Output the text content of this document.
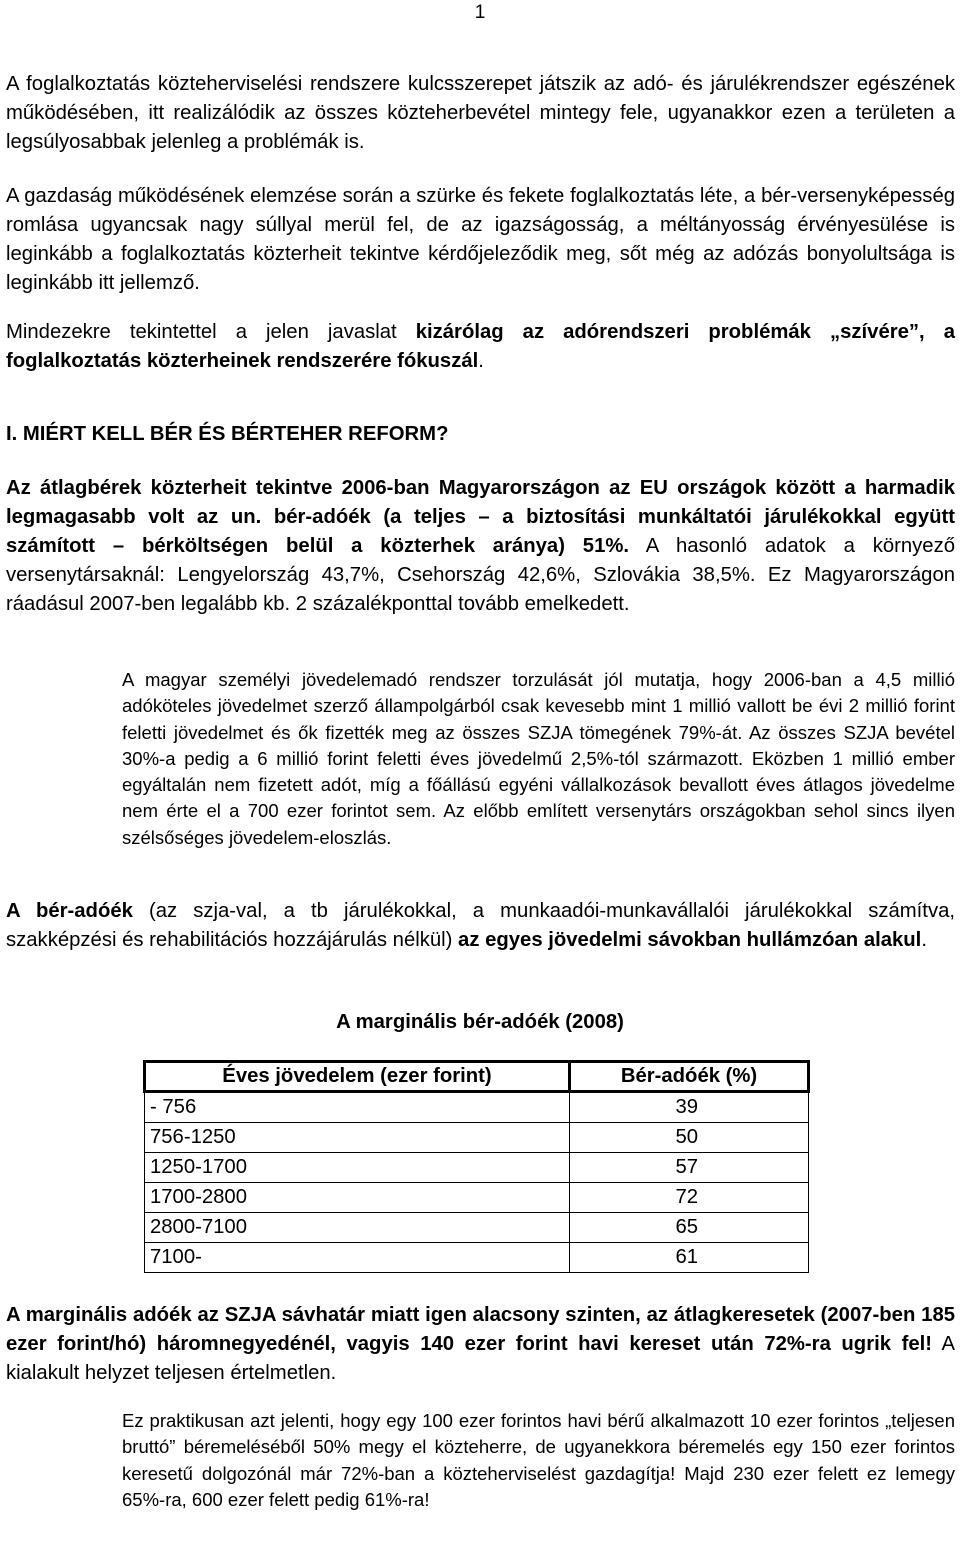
1

A foglalkoztatás közteherviselési rendszere kulcsszerepet játszik az adó- és járulékrendszer egészének működésében, itt realizálódik az összes közteherbevétel mintegy fele, ugyanakkor ezen a területen a legsúlyosabbak jelenleg a problémák is.

A gazdaság működésének elemzése során a szürke és fekete foglalkoztatás léte, a bér-versenyképesség romlása ugyancsak nagy súllyal merül fel, de az igazságosság, a méltányosság érvényesülése is leginkább a foglalkoztatás közterheit tekintve kérdőjeleződik meg, sőt még az adózás bonyolultsága is leginkább itt jellemző.

Mindezekre tekintettel a jelen javaslat kizárólag az adórendszeri problémák „szívére”, a foglalkoztatás közterheinek rendszerére fókuszál.

I. MIÉRT KELL BÉR ÉS BÉRTEHER REFORM?

Az átlagbérek közterheit tekintve 2006-ban Magyarországon az EU országok között a harmadik legmagasabb volt az un. bér-adóék (a teljes – a biztosítási munkáltatói járulékokkal együtt számított – bérköltségen belül a közterhek aránya) 51%. A hasonló adatok a környező versenytársaknál: Lengyelország 43,7%, Csehország 42,6%, Szlovákia 38,5%. Ez Magyarországon ráadásul 2007-ben legalább kb. 2 százalékponttal tovább emelkedett.

A magyar személyi jövedelemadó rendszer torzulását jól mutatja, hogy 2006-ban a 4,5 millió adóköteles jövedelmet szerző állampolgárból csak kevesebb mint 1 millió vallott be évi 2 millió forint feletti jövedelmet és ők fizették meg az összes SZJA tömegének 79%-át. Az összes SZJA bevétel 30%-a pedig a 6 millió forint feletti éves jövedelmű 2,5%-tól származott. Eközben 1 millió ember egyáltalán nem fizetett adót, míg a főállású egyéni vállalkozások bevallott éves átlagos jövedelme nem érte el a 700 ezer forintot sem. Az előbb említett versenytárs országokban sehol sincs ilyen szélsőséges jövedelem-eloszlás.

A bér-adóék (az szja-val, a tb járulékokkal, a munkaadói-munkavállalói járulékokkal számítva, szakképzési és rehabilitációs hozzájárulás nélkül) az egyes jövedelmi sávokban hullámzóan alakul.

A marginális bér-adóék (2008)

Éves jövedelem (ezer forint)	Bér-adóék (%)
- 756	39
756-1250	50
1250-1700	57
1700-2800	72
2800-7100	65
7100-	61

A marginális adóék az SZJA sávhatár miatt igen alacsony szinten, az átlagkeresetek (2007-ben 185 ezer forint/hó) háromnegyedénél, vagyis 140 ezer forint havi kereset után 72%-ra ugrik fel! A kialakult helyzet teljesen értelmetlen.

Ez praktikusan azt jelenti, hogy egy 100 ezer forintos havi bérű alkalmazott 10 ezer forintos „teljesen bruttó” béremeléséből 50% megy el közteherre, de ugyanekkora béremelés egy 150 ezer forintos keresetű dolgozónál már 72%-ban a közteherviselést gazdagítja! Majd 230 ezer felett ez lemegy 65%-ra, 600 ezer felett pedig 61%-ra!
